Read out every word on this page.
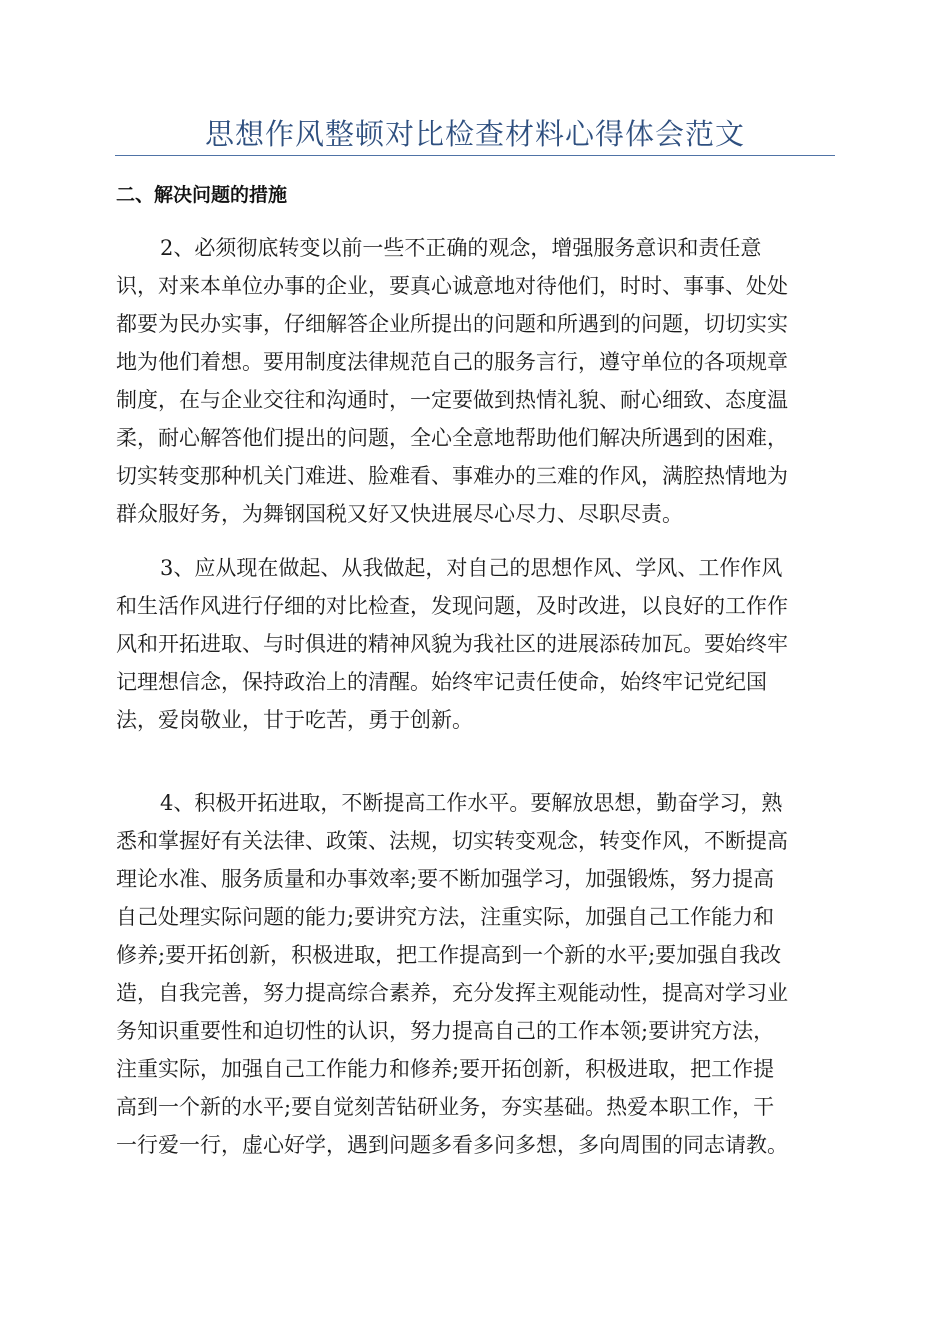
思想作风整顿对比检查材料心得体会范文
二、解决问题的措施
2、必须彻底转变以前一些不正确的观念，增强服务意识和责任意
识，对来本单位办事的企业，要真心诚意地对待他们，时时、事事、处处
都要为民办实事，仔细解答企业所提出的问题和所遇到的问题，切切实实
地为他们着想。要用制度法律规范自己的服务言行，遵守单位的各项规章
制度，在与企业交往和沟通时，一定要做到热情礼貌、耐心细致、态度温
柔，耐心解答他们提出的问题，全心全意地帮助他们解决所遇到的困难，
切实转变那种机关门难进、脸难看、事难办的三难的作风，满腔热情地为
群众服好务，为舞钢国税又好又快进展尽心尽力、尽职尽责。
3、应从现在做起、从我做起，对自己的思想作风、学风、工作作风
和生活作风进行仔细的对比检查，发现问题，及时改进，以良好的工作作
风和开拓进取、与时俱进的精神风貌为我社区的进展添砖加瓦。要始终牢
记理想信念，保持政治上的清醒。始终牢记责任使命，始终牢记党纪国
法，爱岗敬业，甘于吃苦，勇于创新。
4、积极开拓进取，不断提高工作水平。要解放思想，勤奋学习，熟
悉和掌握好有关法律、政策、法规，切实转变观念，转变作风，不断提高
理论水准、服务质量和办事效率;要不断加强学习，加强锻炼，努力提高
自己处理实际问题的能力;要讲究方法，注重实际，加强自己工作能力和
修养;要开拓创新，积极进取，把工作提高到一个新的水平;要加强自我改
造，自我完善，努力提高综合素养，充分发挥主观能动性，提高对学习业
务知识重要性和迫切性的认识，努力提高自己的工作本领;要讲究方法，
注重实际，加强自己工作能力和修养;要开拓创新，积极进取，把工作提
高到一个新的水平;要自觉刻苦钻研业务，夯实基础。热爱本职工作，干
一行爱一行，虚心好学，遇到问题多看多问多想，多向周围的同志请教。
